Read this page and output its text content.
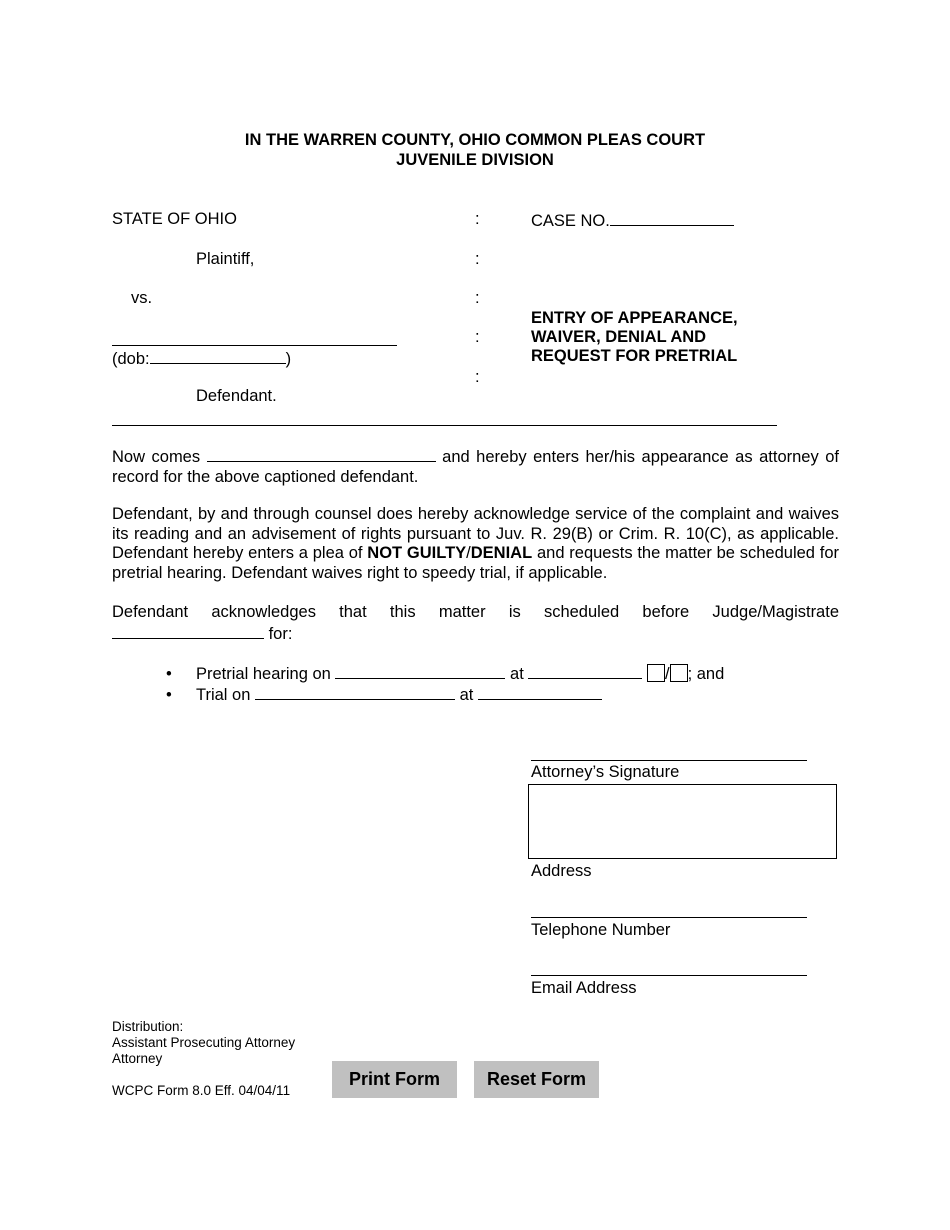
IN THE WARREN COUNTY, OHIO COMMON PLEAS COURT
JUVENILE DIVISION
STATE OF OHIO
Plaintiff,
vs.
(dob:	)
Defendant.
:
:
:
:
:
CASE NO.
ENTRY OF APPEARANCE,
WAIVER, DENIAL AND
REQUEST FOR PRETRIAL
Now comes	and hereby enters her/his appearance as attorney of record for the above captioned defendant.
Defendant, by and through counsel does hereby acknowledge service of the complaint and waives its reading and an advisement of rights pursuant to Juv. R. 29(B) or Crim. R. 10(C), as applicable. Defendant hereby enters a plea of NOT GUILTY/DENIAL and requests the matter be scheduled for pretrial hearing. Defendant waives right to speedy trial, if applicable.
Defendant acknowledges that this matter is scheduled before Judge/Magistrate
for:
• Pretrial hearing on	at	/ ; and
• Trial on	at
Attorney’s Signature
Address
Telephone Number
Email Address
Distribution:
Assistant Prosecuting Attorney
Attorney
WCPC Form 8.0 Eff. 04/04/11
Print Form	Reset Form
